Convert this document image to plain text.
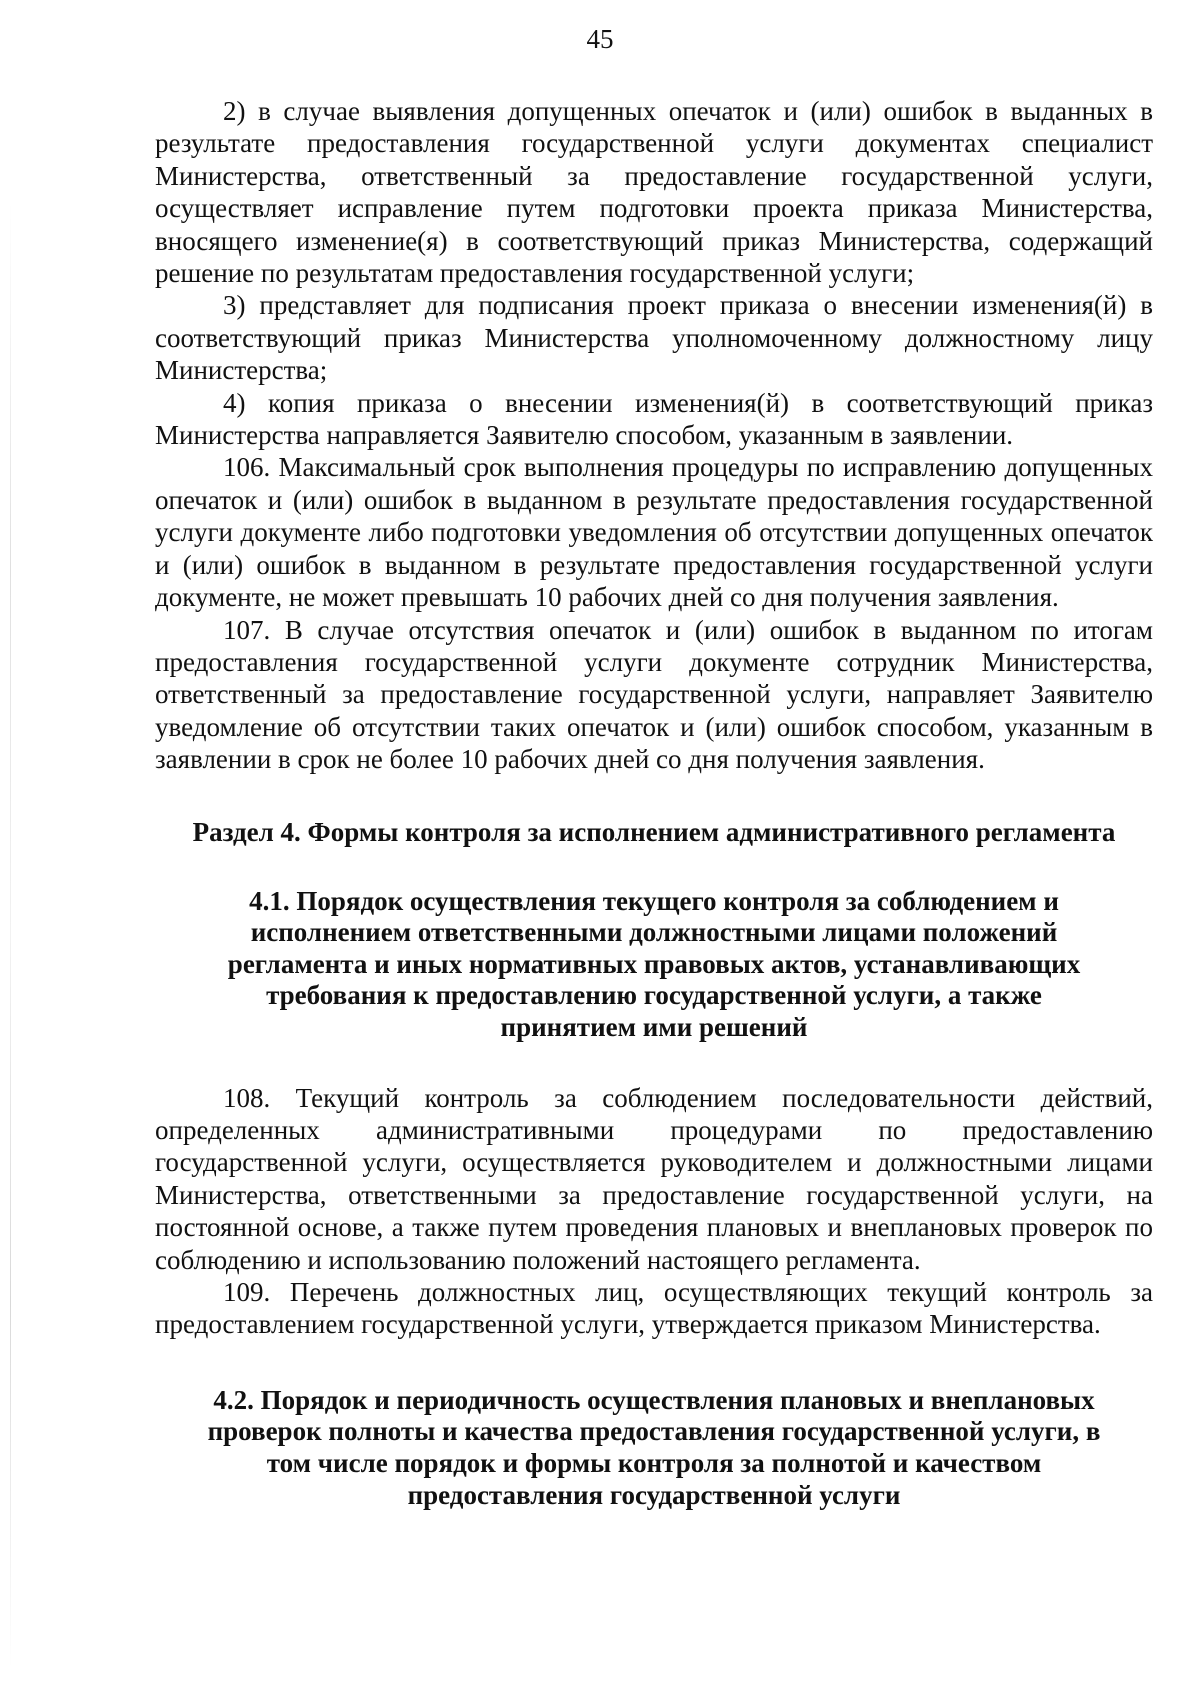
45

2) в случае выявления допущенных опечаток и (или) ошибок в выданных в результате предоставления государственной услуги документах специалист Министерства, ответственный за предоставление государственной услуги, осуществляет исправление путем подготовки проекта приказа Министерства, вносящего изменение(я) в соответствующий приказ Министерства, содержащий решение по результатам предоставления государственной услуги;

3) представляет для подписания проект приказа о внесении изменения(й) в соответствующий приказ Министерства уполномоченному должностному лицу Министерства;

4) копия приказа о внесении изменения(й) в соответствующий приказ Министерства направляется Заявителю способом, указанным в заявлении.

106. Максимальный срок выполнения процедуры по исправлению допущенных опечаток и (или) ошибок в выданном в результате предоставления государственной услуги документе либо подготовки уведомления об отсутствии допущенных опечаток и (или) ошибок в выданном в результате предоставления государственной услуги документе, не может превышать 10 рабочих дней со дня получения заявления.

107. В случае отсутствия опечаток и (или) ошибок в выданном по итогам предоставления государственной услуги документе сотрудник Министерства, ответственный за предоставление государственной услуги, направляет Заявителю уведомление об отсутствии таких опечаток и (или) ошибок способом, указанным в заявлении в срок не более 10 рабочих дней со дня получения заявления.

Раздел 4. Формы контроля за исполнением административного регламента
4.1. Порядок осуществления текущего контроля за соблюдением и исполнением ответственными должностными лицами положений регламента и иных нормативных правовых актов, устанавливающих требования к предоставлению государственной услуги, а также принятием ими решений

108. Текущий контроль за соблюдением последовательности действий, определенных административными процедурами по предоставлению государственной услуги, осуществляется руководителем и должностными лицами Министерства, ответственными за предоставление государственной услуги, на постоянной основе, а также путем проведения плановых и внеплановых проверок по соблюдению и использованию положений настоящего регламента.

109. Перечень должностных лиц, осуществляющих текущий контроль за предоставлением государственной услуги, утверждается приказом Министерства.

4.2. Порядок и периодичность осуществления плановых и внеплановых проверок полноты и качества предоставления государственной услуги, в том числе порядок и формы контроля за полнотой и качеством предоставления государственной услуги
